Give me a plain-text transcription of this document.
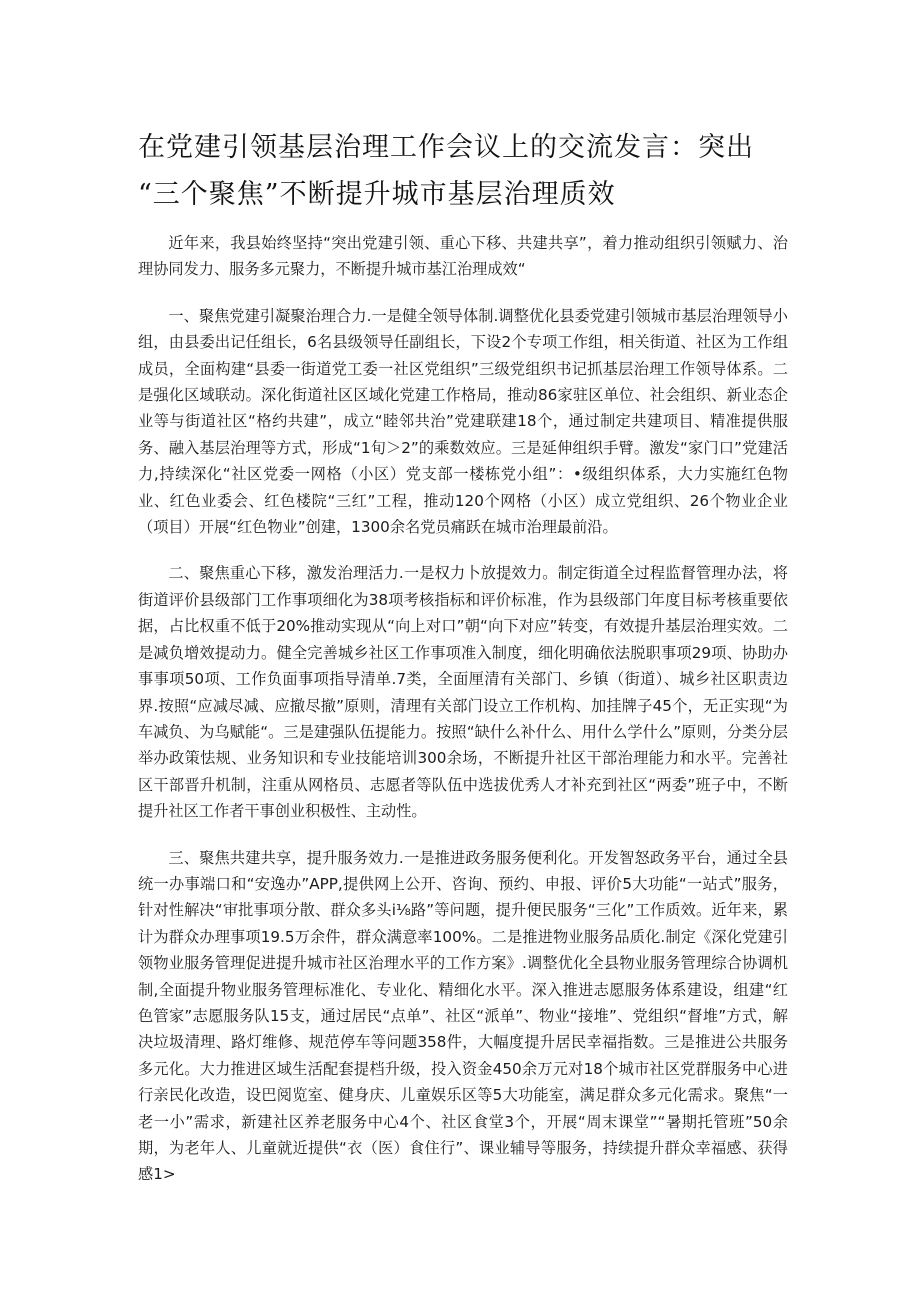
在党建引领基层治理工作会议上的交流发言：突出
“三个聚焦”不断提升城市基层治理质效

近年来，我县始终坚持“突出党建引领、重心下移、共建共享”，着力推动组织引领赋力、治理协同发力、服务多元聚力，不断提升城市基江治理成效“

一、聚焦党建引凝聚治理合力.一是健全领导体制.调整优化县委党建引领城市基层治理领导小组，由县委出记任组长，6名县级领导任副组长，下设2个专项工作组，相关街道、社区为工作组成员，全面构建“县委一街道党工委一社区党组织”三级党组织书记抓基层治理工作领导体系。二是强化区域联动。深化街道社区区域化党建工作格局，推动86家驻区单位、社会组织、新业态企业等与街道社区“格约共建”，成立“睦邻共治”党建联建18个，通过制定共建项目、精准提供服务、融入基层治理等方式，形成“1旬＞2”的乘数效应。三是延伸组织手臂。激发“家门口”党建活力,持续深化“社区党委一网格（小区）党支部一楼栋党小组”：•级组织体系，大力实施红色物业、红色业委会、红色楼院“三红”工程，推动120个网格（小区）成立党组织、26个物业企业（项目）开展“红色物业”创建，1300余名党员痛跃在城市治理最前沿。

二、聚焦重心下移，激发治理活力.一是权力卜放提效力。制定街道全过程监督管理办法，将街道评价县级部门工作事项细化为38项考核指标和评价标准，作为县级部门年度目标考核重要依据，占比权重不低于20%推动实现从“向上对口”朝“向下对应”转变，有效提升基层治理实效。二是减负增效提动力。健全完善城乡社区工作事项准入制度，细化明确依法脱职事项29项、协助办事事项50项、工作负面事项指导清单.7类，全面厘清有关部门、乡镇（街道）、城乡社区职责边界.按照“应减尽减、应撤尽撤”原则，清理有关部门设立工作机构、加挂牌子45个，无正实现“为车减负、为乌赋能“。三是建强队伍提能力。按照“缺什么补什么、用什么学什么”原则，分类分层举办政策怯规、业务知识和专业技能培训300余场，不断提升社区干部治理能力和水平。完善社区干部晋升机制，注重从网格员、志愿者等队伍中选拔优秀人才补充到社区“两委”班子中，不断提升社区工作者干事创业积极性、主动性。

三、聚焦共建共享，提升服务效力.一是推进政务服务便利化。开发智怒政务平台，通过全县统一办事端口和“安逸办”APP,提供网上公开、咨询、预约、申报、评价5大功能“一站式”服务，针对性解决“审批事项分散、群众多头i⅛路”等问题，提升便民服务“三化”工作质效。近年来，累计为群众办理事项19.5万余件，群众满意率100%。二是推进物业服务品质化.制定《深化党建引领物业服务管理促进提升城市社区治理水平的工作方案》.调整优化全县物业服务管理综合协调机制,全面提升物业服务管理标准化、专业化、精细化水平。深入推进志愿服务体系建设，组建“红色管家”志愿服务队15支，通过居民“点单”、社区“派单”、物业“接堆”、党组织“督堆”方式，解决垃圾清理、路灯维修、规范停车等问题358件，大幅度提升居民幸福指数。三是推进公共服务多元化。大力推进区域生活配套提档升级，投入资金450余万元对18个城市社区党群服务中心进行亲民化改造，设巴阅览室、健身庆、儿童娱乐区等5大功能室，满足群众多元化需求。聚焦“一老一小”需求，新建社区养老服务中心4个、社区食堂3个，开展“周末课堂”“暑期托管班”50余期，为老年人、儿童就近提供“衣（医）食住行”、课业辅导等服务，持续提升群众幸福感、获得感1>
